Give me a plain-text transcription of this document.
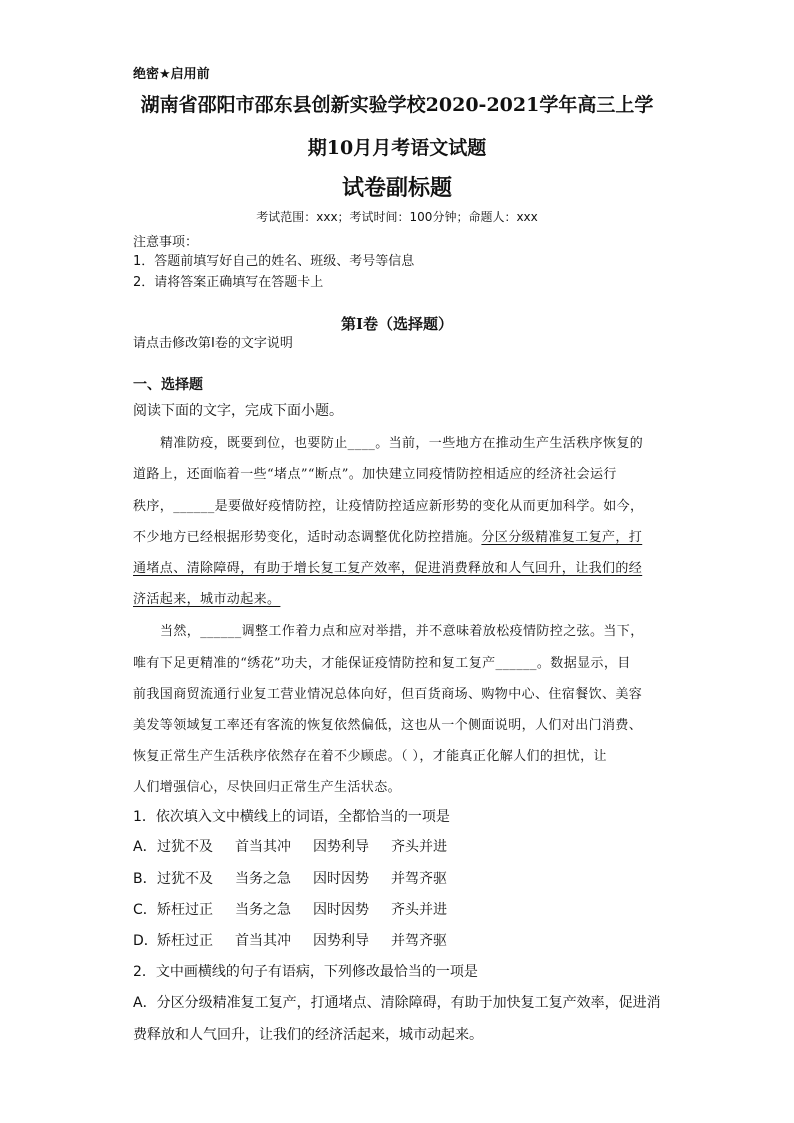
绝密★启用前
湖南省邵阳市邵东县创新实验学校2020-2021学年高三上学
期10月月考语文试题
试卷副标题
考试范围：xxx；考试时间：100分钟；命题人：xxx
注意事项：
1．答题前填写好自己的姓名、班级、考号等信息
2．请将答案正确填写在答题卡上
第I卷（选择题）
请点击修改第I卷的文字说明
一、选择题
阅读下面的文字，完成下面小题。
精准防疫，既要到位，也要防止____。当前，一些地方在推动生产生活秩序恢复的
道路上，还面临着一些“堵点”“断点”。加快建立同疫情防控相适应的经济社会运行
秩序，______是要做好疫情防控，让疫情防控适应新形势的变化从而更加科学。如今，
不少地方已经根据形势变化，适时动态调整优化防控措施。分区分级精准复工复产，打
通堵点、清除障碍，有助于增长复工复产效率，促进消费释放和人气回升，让我们的经
济活起来，城市动起来。
当然，______调整工作着力点和应对举措，并不意味着放松疫情防控之弦。当下，
唯有下足更精准的“绣花”功夫，才能保证疫情防控和复工复产______。数据显示，目
前我国商贸流通行业复工营业情况总体向好，但百货商场、购物中心、住宿餐饮、美容
美发等领域复工率还有客流的恢复依然偏低，这也从一个侧面说明，人们对出门消费、
恢复正常生产生活秩序依然存在着不少顾虑。（ ），才能真正化解人们的担忧，让
人们增强信心，尽快回归正常生产生活状态。
1．依次填入文中横线上的词语，全都恰当的一项是
A．过犹不及 首当其冲 因势利导 齐头并进
B．过犹不及 当务之急 因时因势 并驾齐驱
C．矫枉过正 当务之急 因时因势 齐头并进
D．矫枉过正 首当其冲 因势利导 并驾齐驱
2．文中画横线的句子有语病，下列修改最恰当的一项是
A．分区分级精准复工复产，打通堵点、清除障碍，有助于加快复工复产效率，促进消
费释放和人气回升，让我们的经济活起来，城市动起来。
